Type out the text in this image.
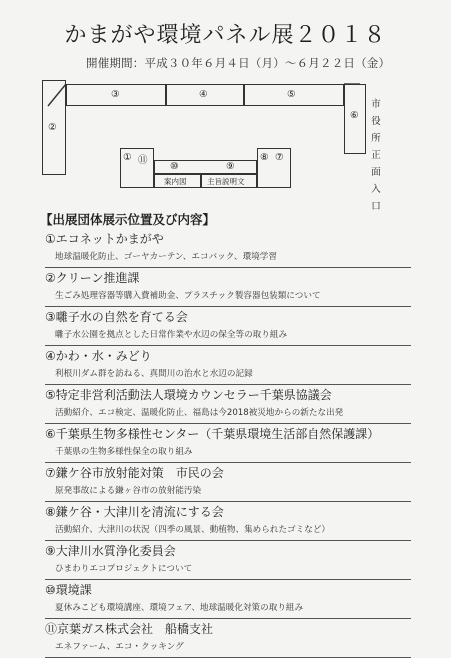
かまがや環境パネル展２０１８
開催期間：平成３０年６月４日（月）～６月２２日（金）
③	④	⑤
②
⑥
① ⑪
⑩	⑨
⑧ ⑦
案内図	主旨説明文
市
役
所
正
面
入
口
【出展団体展示位置及び内容】
①エコネットかまがや
地球温暖化防止、ゴーヤカーテン、エコバック、環境学習
②クリーン推進課
生ごみ処理容器等購入費補助金、プラスチック製容器包装類について
③囃子水の自然を育てる会
囃子水公園を拠点とした日常作業や水辺の保全等の取り組み
④かわ・水・みどり
利根川ダム群を訪ねる、真間川の治水と水辺の記録
⑤特定非営利活動法人環境カウンセラー千葉県協議会
活動紹介、エコ検定、温暖化防止、福島は今2018被災地からの新たな出発
⑥千葉県生物多様性センター（千葉県環境生活部自然保護課）
千葉県の生物多様性保全の取り組み
⑦鎌ケ谷市放射能対策　市民の会
原発事故による鎌ヶ谷市の放射能汚染
⑧鎌ケ谷・大津川を清流にする会
活動紹介、大津川の状況（四季の風景、動植物、集められたゴミなど）
⑨大津川水質浄化委員会
ひまわりエコプロジェクトについて
⑩環境課
夏休みこども環境講座、環境フェア、地球温暖化対策の取り組み
⑪京葉ガス株式会社　船橋支社
エネファーム、エコ・クッキング
